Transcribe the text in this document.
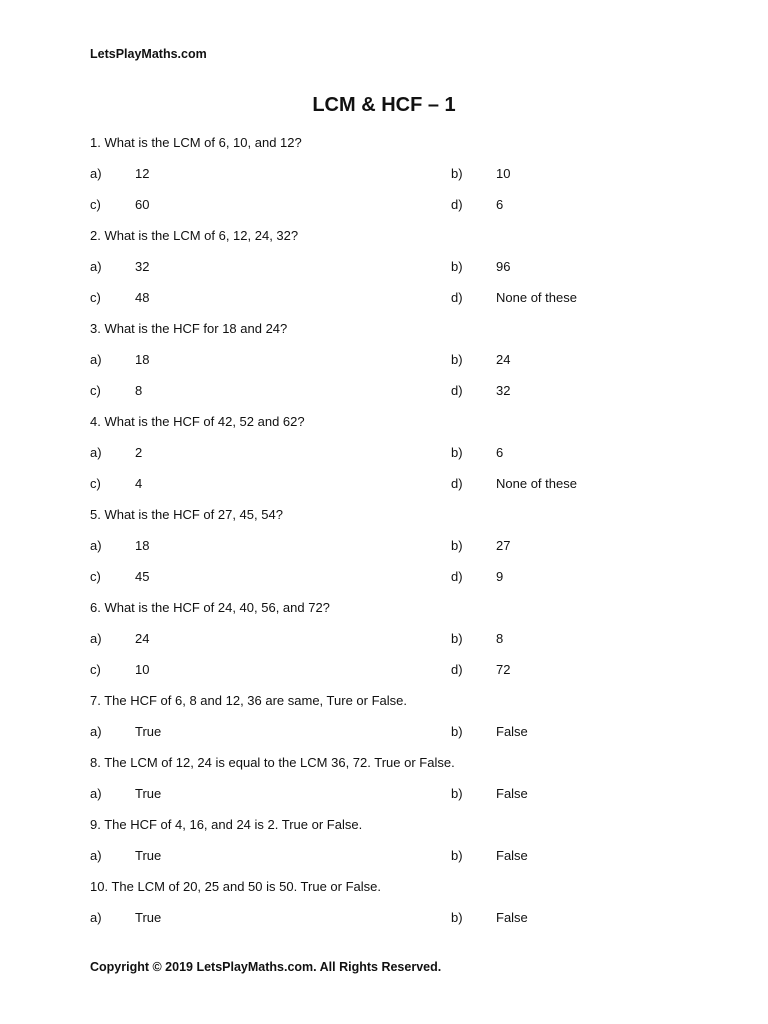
LetsPlayMaths.com
LCM & HCF – 1
1. What is the LCM of 6, 10, and 12?
a)	12	b)	10
c)	60	d)	6
2. What is the LCM of 6, 12, 24, 32?
a)	32	b)	96
c)	48	d)	None of these
3. What is the HCF for 18 and 24?
a)	18	b)	24
c)	8	d)	32
4. What is the HCF of 42, 52 and 62?
a)	2	b)	6
c)	4	d)	None of these
5. What is the HCF of 27, 45, 54?
a)	18	b)	27
c)	45	d)	9
6. What is the HCF of 24, 40, 56, and 72?
a)	24	b)	8
c)	10	d)	72
7. The HCF of 6, 8 and 12, 36 are same, Ture or False.
a)	True	b)	False
8. The LCM of 12, 24 is equal to the LCM 36, 72. True or False.
a)	True	b)	False
9. The HCF of 4, 16, and 24 is 2. True or False.
a)	True	b)	False
10. The LCM of 20, 25 and 50 is 50. True or False.
a)	True	b)	False
Copyright © 2019 LetsPlayMaths.com. All Rights Reserved.
